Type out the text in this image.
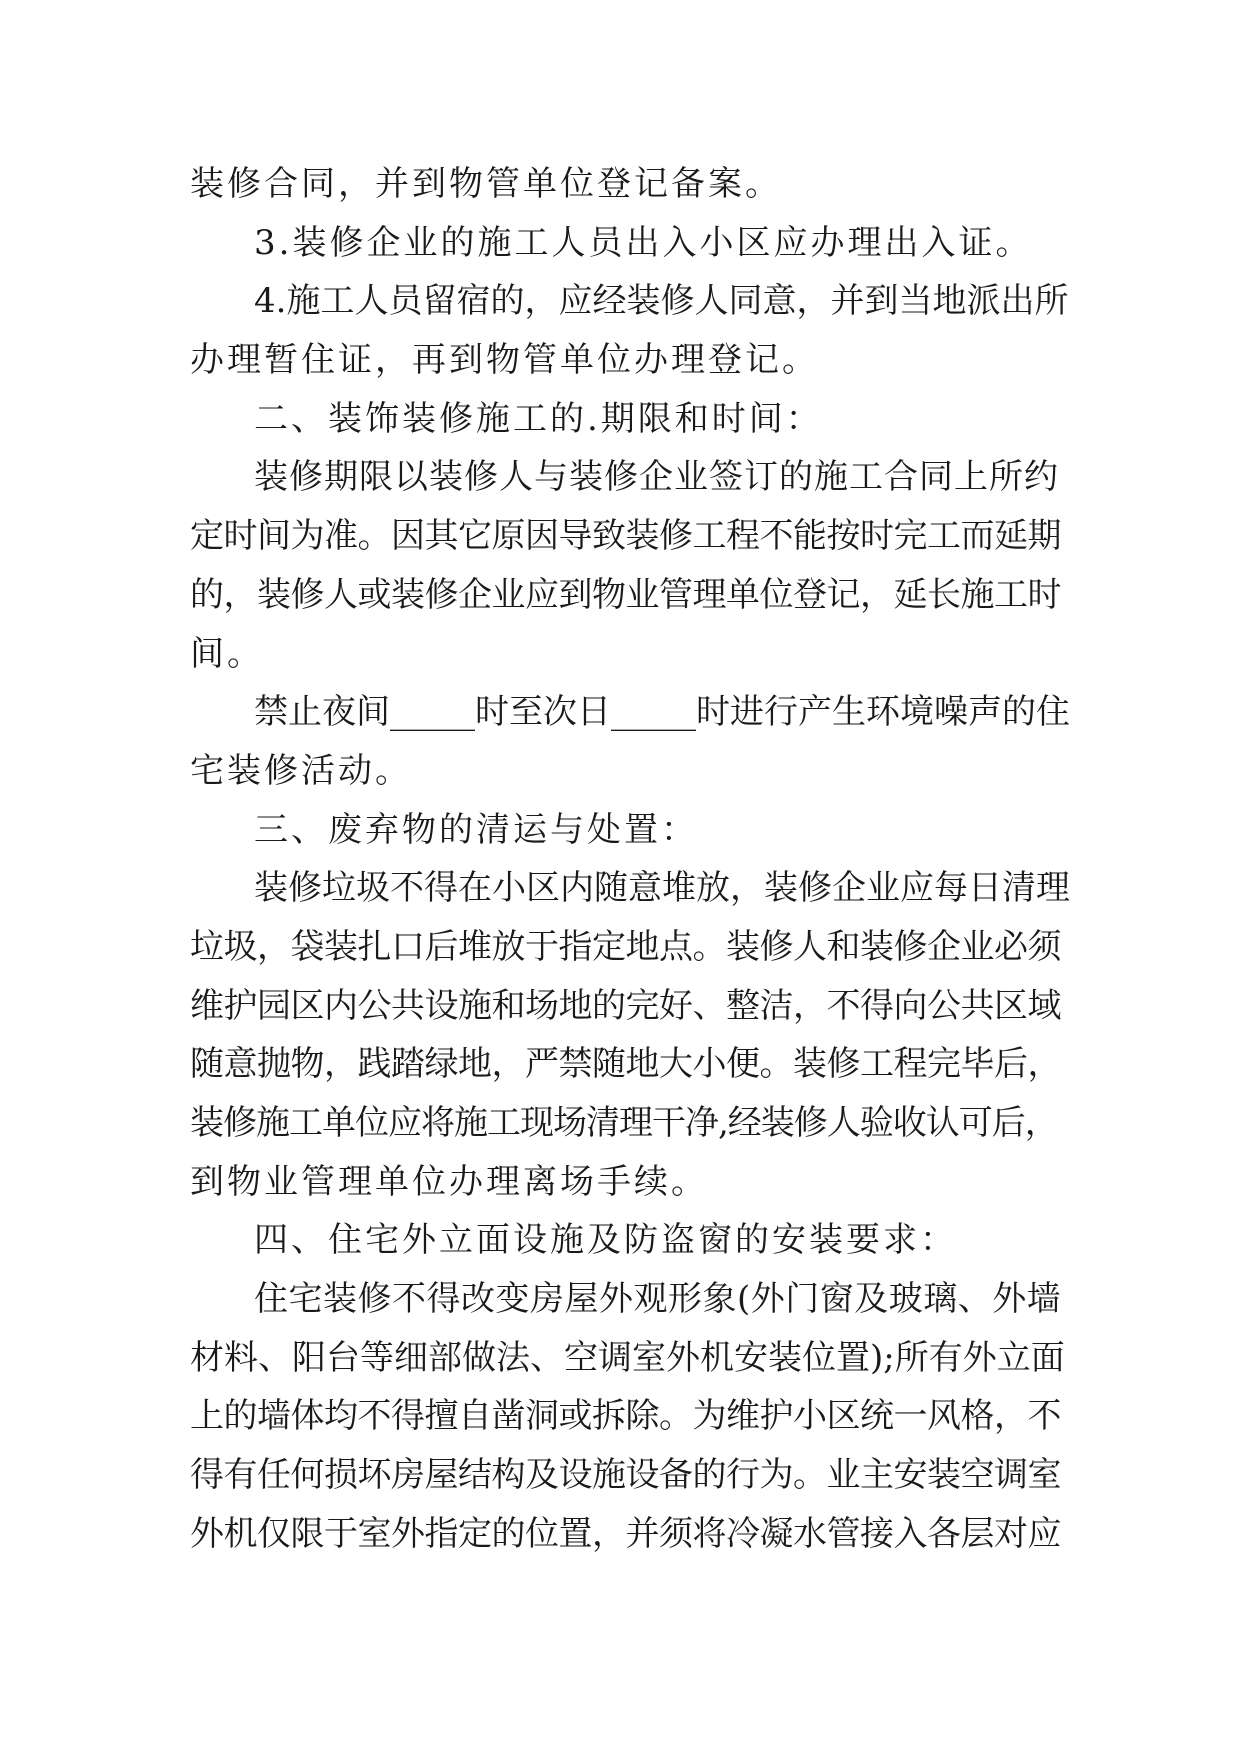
装修合同，并到物管单位登记备案。
3.装修企业的施工人员出入小区应办理出入证。
4.施工人员留宿的，应经装修人同意，并到当地派出所
办理暂住证，再到物管单位办理登记。
二、装饰装修施工的.期限和时间：
装修期限以装修人与装修企业签订的施工合同上所约
定时间为准。因其它原因导致装修工程不能按时完工而延期
的，装修人或装修企业应到物业管理单位登记，延长施工时
间。
禁止夜间_____时至次日_____时进行产生环境噪声的住
宅装修活动。
三、废弃物的清运与处置：
装修垃圾不得在小区内随意堆放，装修企业应每日清理
垃圾，袋装扎口后堆放于指定地点。装修人和装修企业必须
维护园区内公共设施和场地的完好、整洁，不得向公共区域
随意抛物，践踏绿地，严禁随地大小便。装修工程完毕后，
装修施工单位应将施工现场清理干净,经装修人验收认可后，
到物业管理单位办理离场手续。
四、住宅外立面设施及防盗窗的安装要求：
住宅装修不得改变房屋外观形象(外门窗及玻璃、外墙
材料、阳台等细部做法、空调室外机安装位置);所有外立面
上的墙体均不得擅自凿洞或拆除。为维护小区统一风格，不
得有任何损坏房屋结构及设施设备的行为。业主安装空调室
外机仅限于室外指定的位置，并须将冷凝水管接入各层对应
